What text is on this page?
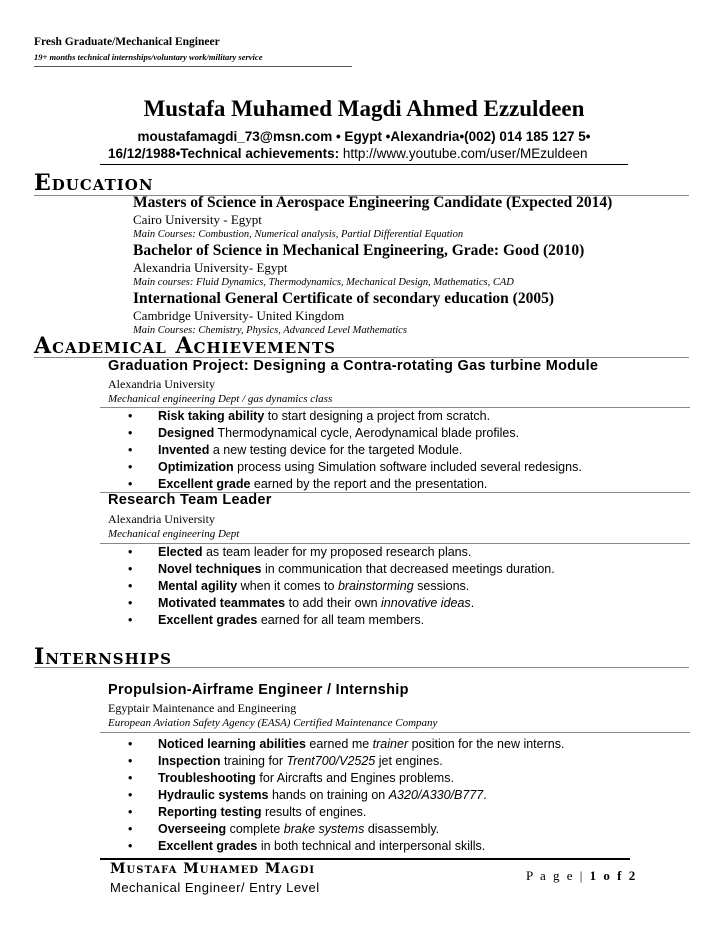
Fresh Graduate/Mechanical Engineer
19+ months technical internships/voluntary work/military service
Mustafa Muhamed Magdi Ahmed Ezzuldeen
moustafamagdi_73@msn.com • Egypt •Alexandria•(002) 014 185 127 5•
16/12/1988•Technical achievements: http://www.youtube.com/user/MEzuldeen
Education
Masters of Science in Aerospace Engineering Candidate (Expected 2014)
Cairo University - Egypt
Main Courses: Combustion, Numerical analysis, Partial Differential Equation
Bachelor of Science in Mechanical Engineering, Grade: Good (2010)
Alexandria University- Egypt
Main courses: Fluid Dynamics, Thermodynamics, Mechanical Design, Mathematics, CAD
International General Certificate of secondary education (2005)
Cambridge University- United Kingdom
Main Courses: Chemistry, Physics, Advanced Level Mathematics
Academical Achievements
Graduation Project: Designing a Contra-rotating Gas turbine Module
Alexandria University
Mechanical engineering Dept / gas dynamics class
•	Risk taking ability to start designing a project from scratch.
•	Designed Thermodynamical cycle, Aerodynamical blade profiles.
•	Invented a new testing device for the targeted Module.
•	Optimization process using Simulation software included several redesigns.
•	Excellent grade earned by the report and the presentation.
Research Team Leader
Alexandria University
Mechanical engineering Dept
•	Elected as team leader for my proposed research plans.
•	Novel techniques in communication that decreased meetings duration.
•	Mental agility when it comes to brainstorming sessions.
•	Motivated teammates to add their own innovative ideas.
•	Excellent grades earned for all team members.
Internships
Propulsion-Airframe Engineer / Internship
Egyptair Maintenance and Engineering
European Aviation Safety Agency (EASA) Certified Maintenance Company
•	Noticed learning abilities earned me trainer position for the new interns.
•	Inspection training for Trent700/V2525 jet engines.
•	Troubleshooting for Aircrafts and Engines problems.
•	Hydraulic systems hands on training on A320/A330/B777.
•	Reporting testing results of engines.
•	Overseeing complete brake systems disassembly.
•	Excellent grades in both technical and interpersonal skills.
Mustafa Muhamed Magdi
Mechanical Engineer/ Entry Level
P a g e | 1 o f 2
